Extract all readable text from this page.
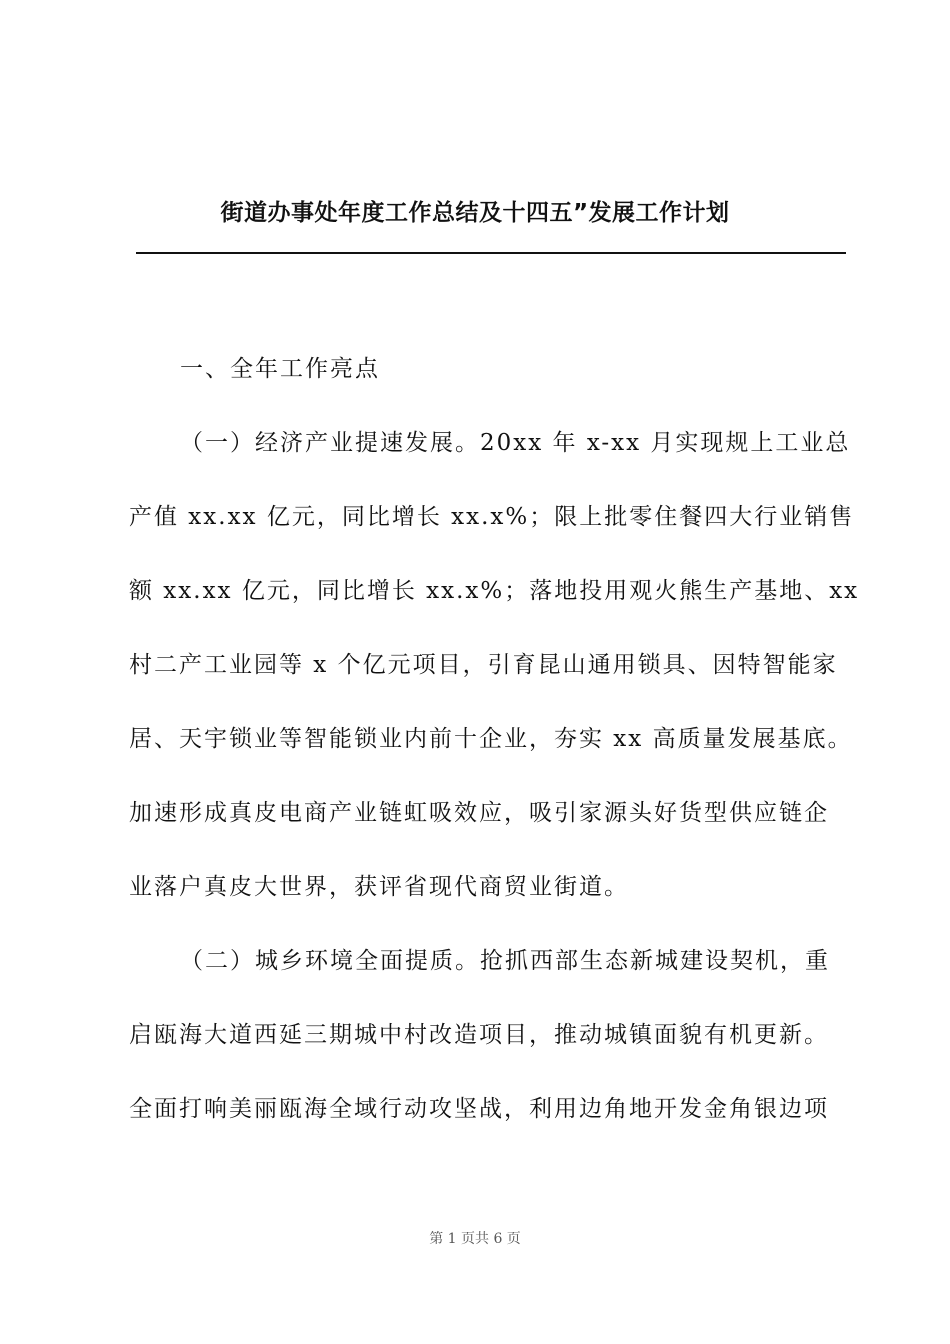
街道办事处年度工作总结及十四五”发展工作计划
一、全年工作亮点
（一）经济产业提速发展。20xx 年 x-xx 月实现规上工业总
产值 xx.xx 亿元，同比增长 xx.x%；限上批零住餐四大行业销售
额 xx.xx 亿元，同比增长 xx.x%；落地投用观火熊生产基地、xx
村二产工业园等 x 个亿元项目，引育昆山通用锁具、因特智能家
居、天宇锁业等智能锁业内前十企业，夯实 xx 高质量发展基底。
加速形成真皮电商产业链虹吸效应，吸引家源头好货型供应链企
业落户真皮大世界，获评省现代商贸业街道。
（二）城乡环境全面提质。抢抓西部生态新城建设契机，重
启瓯海大道西延三期城中村改造项目，推动城镇面貌有机更新。
全面打响美丽瓯海全域行动攻坚战，利用边角地开发金角银边项
第 1 页共 6 页
